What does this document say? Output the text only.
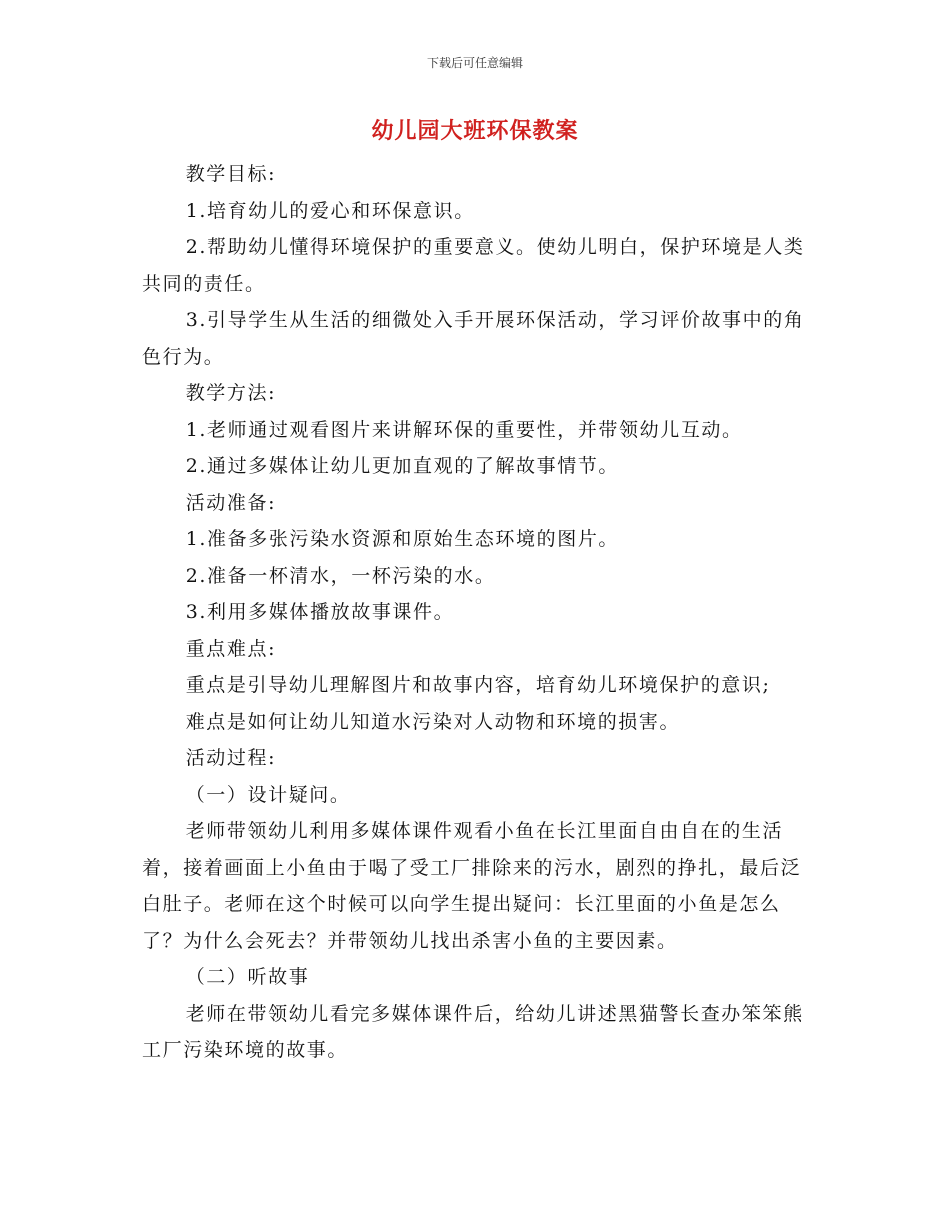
下载后可任意编辑
幼儿园大班环保教案

教学目标:

1.培育幼儿的爱心和环保意识。

2.帮助幼儿懂得环境保护的重要意义。使幼儿明白，保护环境是人类共同的责任。

3.引导学生从生活的细微处入手开展环保活动，学习评价故事中的角色行为。

教学方法:

1.老师通过观看图片来讲解环保的重要性，并带领幼儿互动。

2.通过多媒体让幼儿更加直观的了解故事情节。

活动准备:

1.准备多张污染水资源和原始生态环境的图片。

2.准备一杯清水，一杯污染的水。

3.利用多媒体播放故事课件。

重点难点:

重点是引导幼儿理解图片和故事内容，培育幼儿环境保护的意识;

难点是如何让幼儿知道水污染对人动物和环境的损害。

活动过程:

（一）设计疑问。

老师带领幼儿利用多媒体课件观看小鱼在长江里面自由自在的生活着，接着画面上小鱼由于喝了受工厂排除来的污水，剧烈的挣扎，最后泛白肚子。老师在这个时候可以向学生提出疑问：长江里面的小鱼是怎么了？为什么会死去？并带领幼儿找出杀害小鱼的主要因素。

（二）听故事

老师在带领幼儿看完多媒体课件后，给幼儿讲述黑猫警长查办笨笨熊工厂污染环境的故事。
